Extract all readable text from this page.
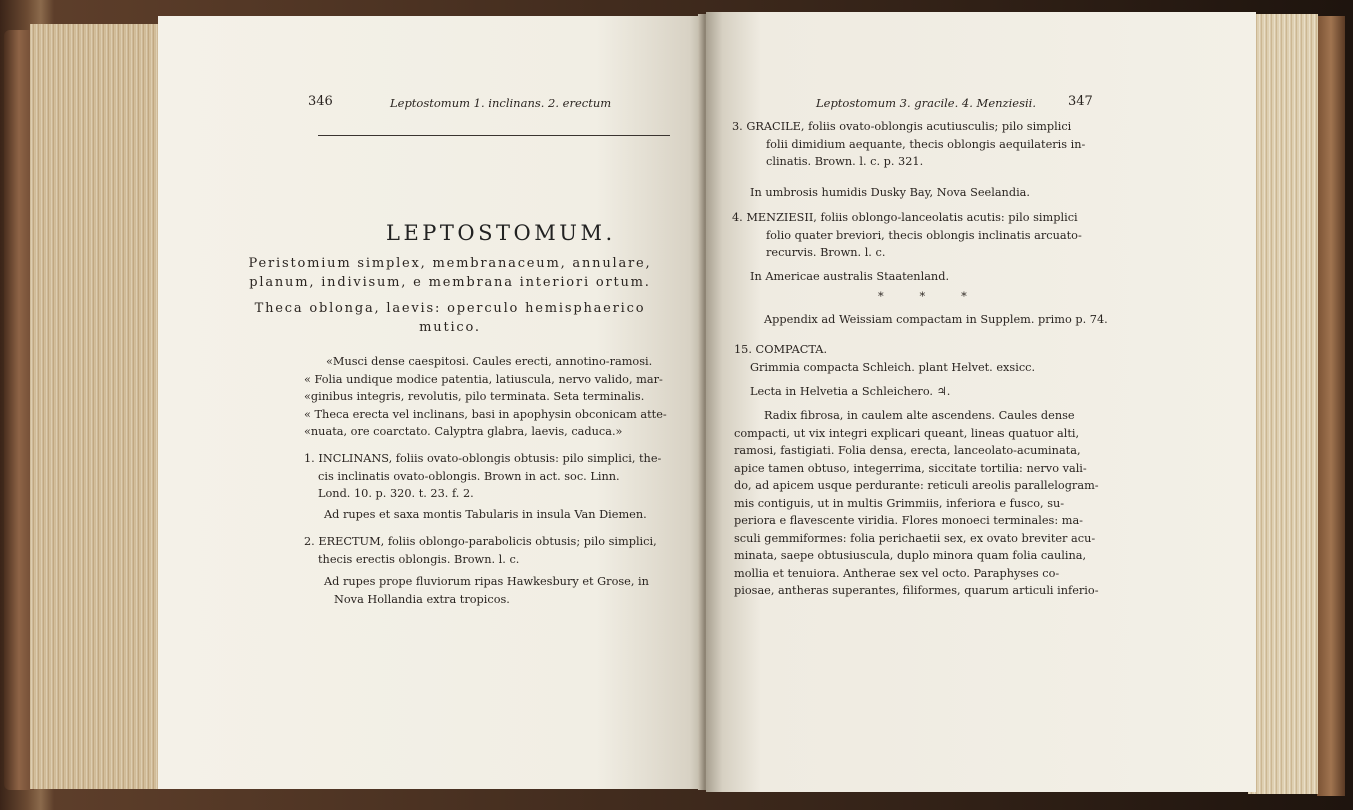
346	Leptostomum 1. inclinans. 2. erectum
LEPTOSTOMUM.
Peristomium simplex, membranaceum, annulare,
planum, indivisum, e membrana interiori ortum.
Theca oblonga, laevis: operculo hemisphaerico
mutico.

«Musci dense caespitosi. Caules erecti, annotino-ramosi.

« Folia undique modice patentia, latiuscula, nervo valido, mar-

«ginibus integris, revolutis, pilo terminata. Seta terminalis.

« Theca erecta vel inclinans, basi in apophysin obconicam atte-

«nuata, ore coarctato. Calyptra glabra, laevis, caduca.»

1. INCLINANS, foliis ovato-oblongis obtusis: pilo simplici, the-

cis inclinatis ovato-oblongis. Brown in act. soc. Linn.

Lond. 10. p. 320. t. 23. f. 2.

Ad rupes et saxa montis Tabularis in insula Van Diemen.

2. ERECTUM, foliis oblongo-parabolicis obtusis; pilo simplici,

thecis erectis oblongis. Brown. l. c.

Ad rupes prope fluviorum ripas Hawkesbury et Grose, in

Nova Hollandia extra tropicos.

Leptostomum 3. gracile. 4. Menziesii. 347

3. GRACILE, foliis ovato-oblongis acutiusculis; pilo simplici

folii dimidium aequante, thecis oblongis aequilateris in-

clinatis. Brown. l. c. p. 321.

In umbrosis humidis Dusky Bay, Nova Seelandia.

4. MENZIESII, foliis oblongo-lanceolatis acutis: pilo simplici

folio quater breviori, thecis oblongis inclinatis arcuato-

recurvis. Brown. l. c.

In Americae australis Staatenland.
*          *          *
Appendix ad Weissiam compactam in Supplem. primo p. 74.
15. COMPACTA.
Grimmia compacta Schleich. plant Helvet. exsicc.
Lecta in Helvetia a Schleichero. ♃.

Radix fibrosa, in caulem alte ascendens. Caules dense

compacti, ut vix integri explicari queant, lineas quatuor alti,

ramosi, fastigiati. Folia densa, erecta, lanceolato-acuminata,

apice tamen obtuso, integerrima, siccitate tortilia: nervo vali-

do, ad apicem usque perdurante: reticuli areolis parallelogram-

mis contiguis, ut in multis Grimmiis, inferiora e fusco, su-

periora e flavescente viridia. Flores monoeci terminales: ma-

sculi gemmiformes: folia perichaetii sex, ex ovato breviter acu-

minata, saepe obtusiuscula, duplo minora quam folia caulina,

mollia et tenuiora. Antherae sex vel octo. Paraphyses co-

piosae, antheras superantes, filiformes, quarum articuli inferio-
